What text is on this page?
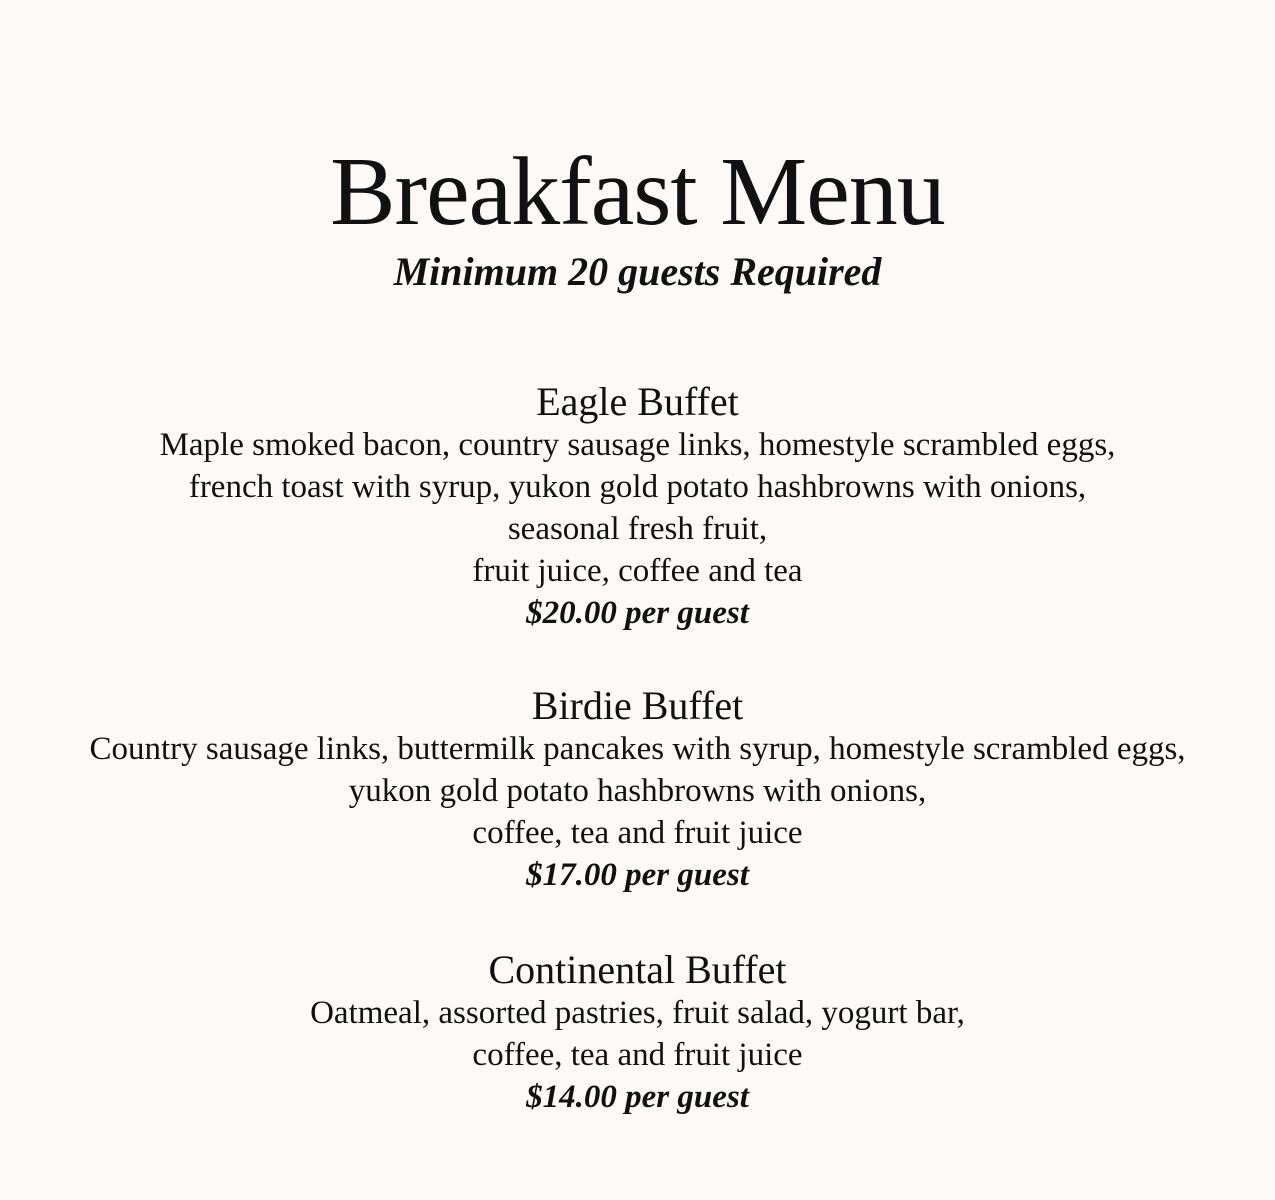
Breakfast Menu

Minimum 20 guests Required

Eagle Buffet

Maple smoked bacon, country sausage links, homestyle scrambled eggs,

french toast with syrup, yukon gold potato hashbrowns with onions,

seasonal fresh fruit,

fruit juice, coffee and tea

$20.00 per guest

Birdie Buffet

Country sausage links, buttermilk pancakes with syrup, homestyle scrambled eggs,

yukon gold potato hashbrowns with onions,

coffee, tea and fruit juice

$17.00 per guest

Continental Buffet

Oatmeal, assorted pastries, fruit salad, yogurt bar,

coffee, tea and fruit juice

$14.00 per guest
